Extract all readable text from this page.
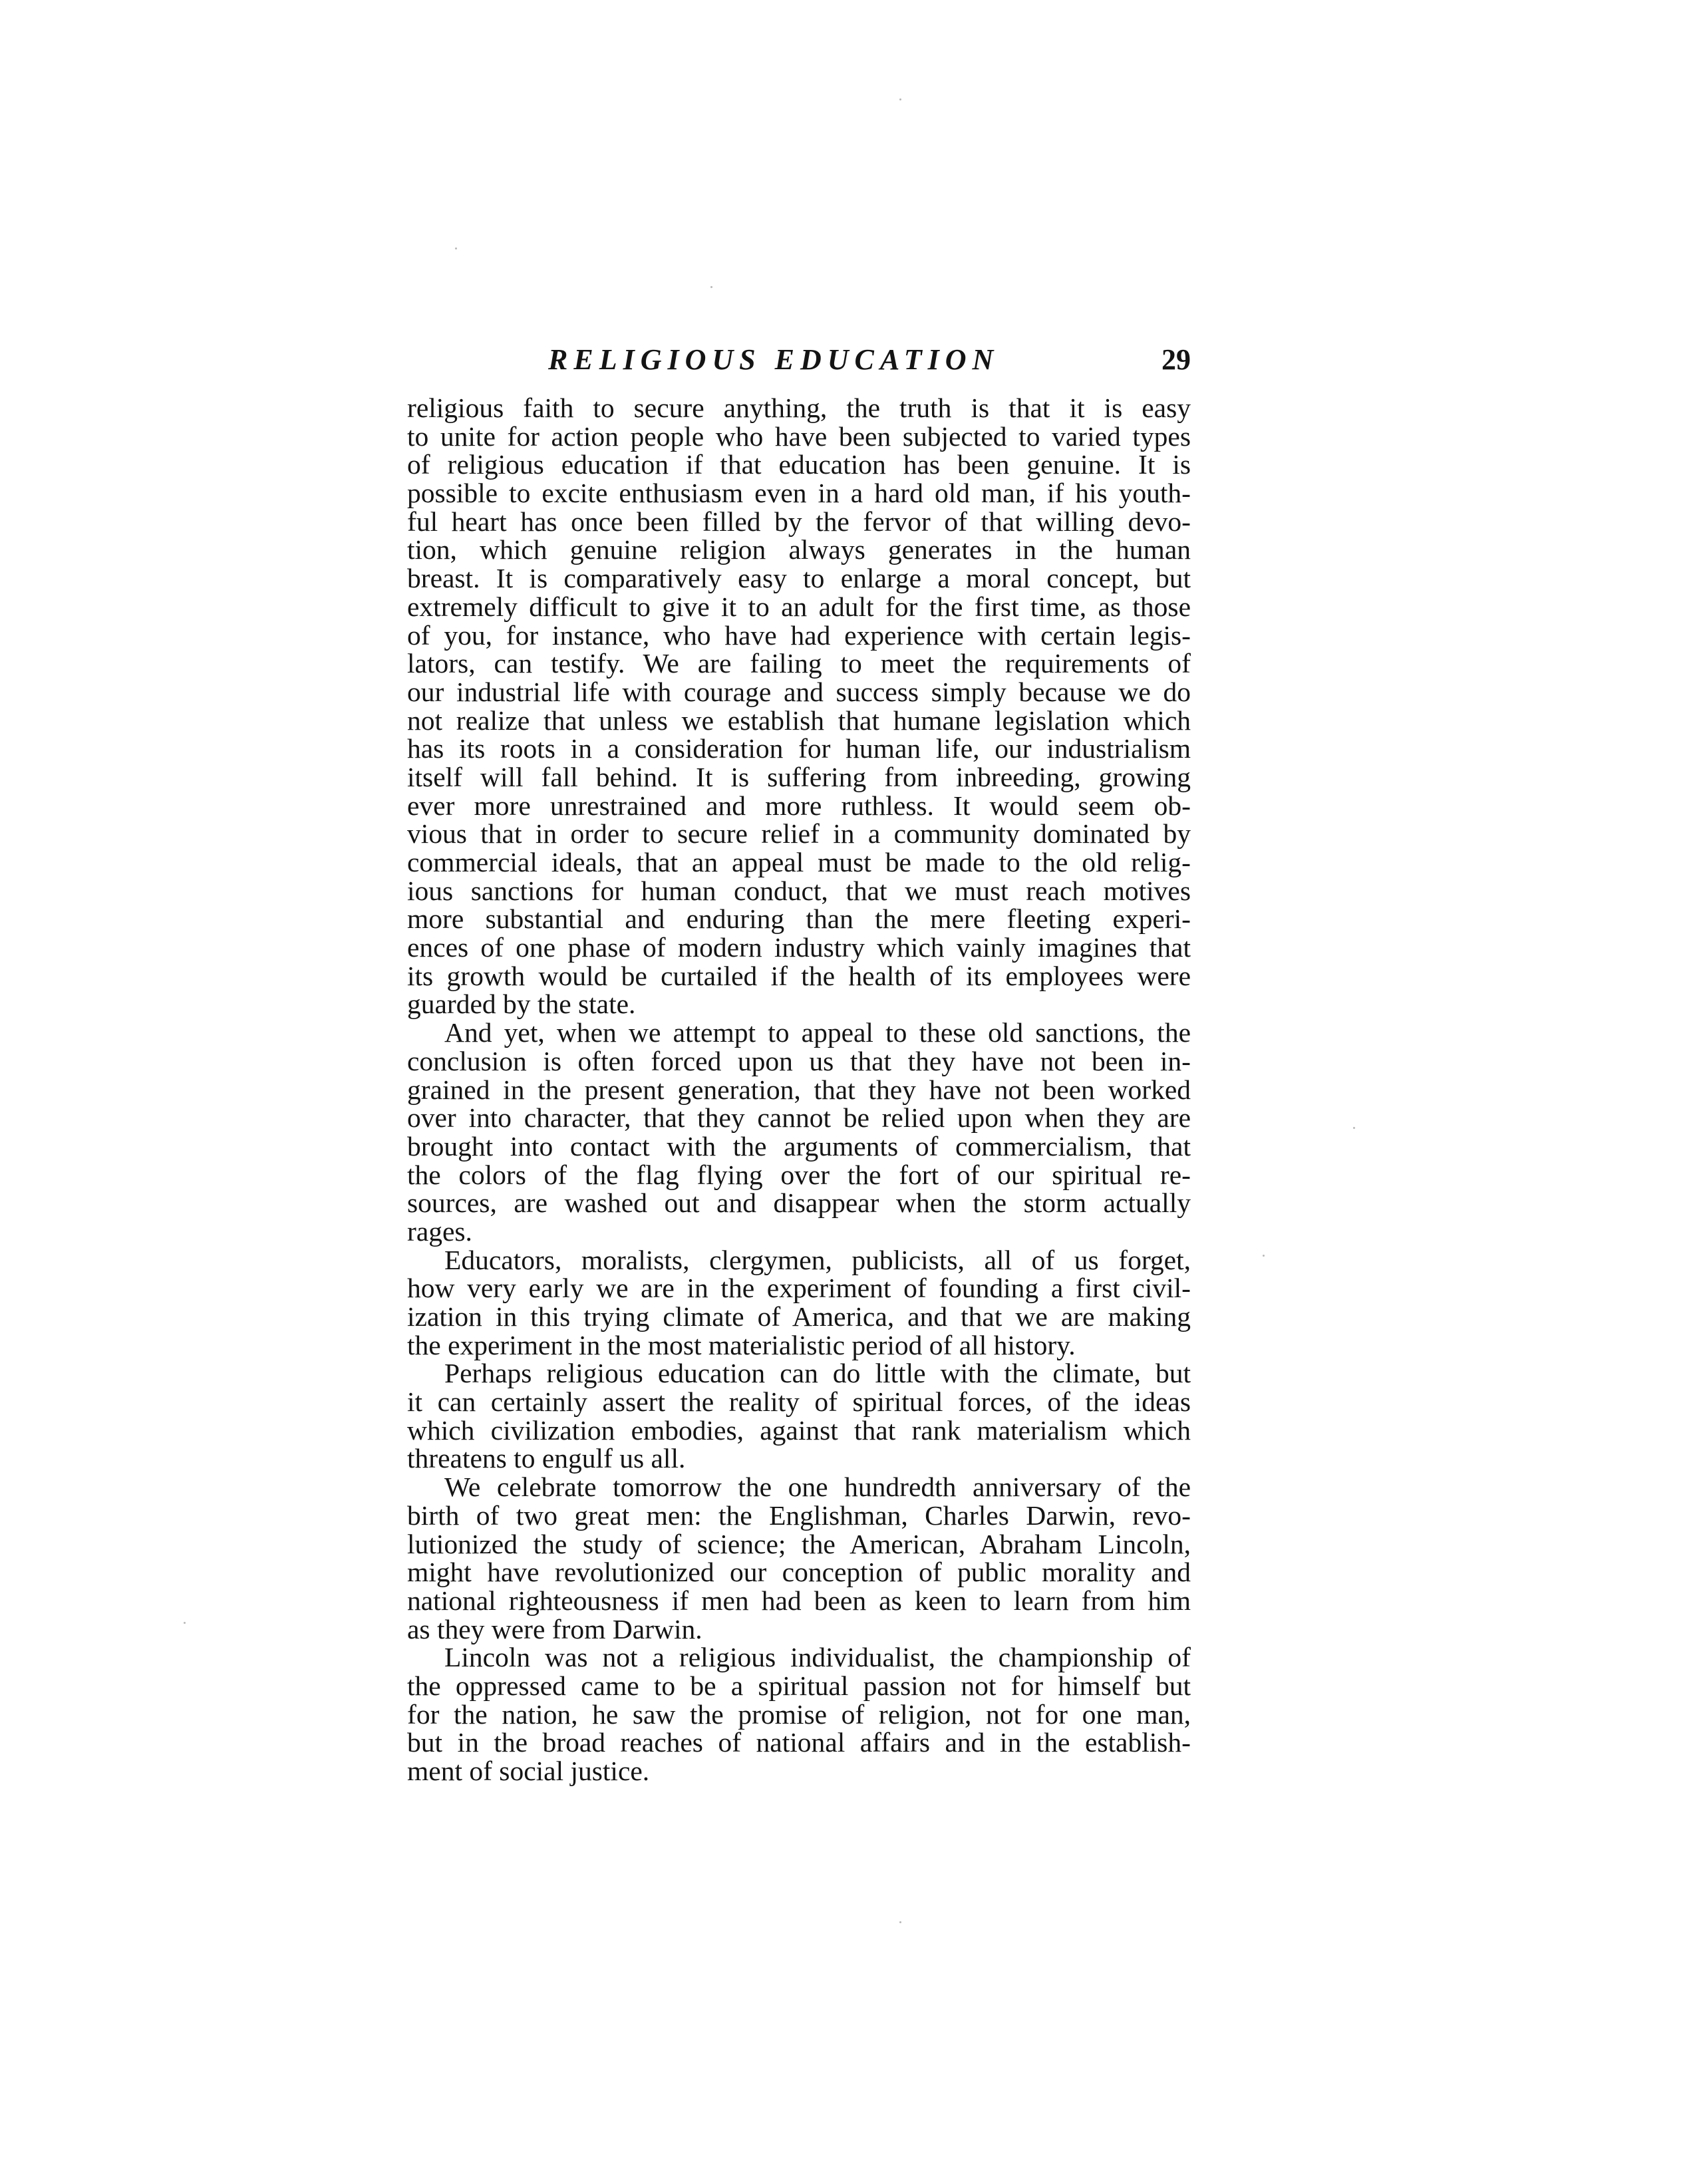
RELIGIOUS EDUCATION	29
religious faith to secure anything, the truth is that it is easy
to unite for action people who have been subjected to varied types
of religious education if that education has been genuine. It is
possible to excite enthusiasm even in a hard old man, if his youth-
ful heart has once been filled by the fervor of that willing devo-
tion, which genuine religion always generates in the human
breast. It is comparatively easy to enlarge a moral concept, but
extremely difficult to give it to an adult for the first time, as those
of you, for instance, who have had experience with certain legis-
lators, can testify. We are failing to meet the requirements of
our industrial life with courage and success simply because we do
not realize that unless we establish that humane legislation which
has its roots in a consideration for human life, our industrialism
itself will fall behind. It is suffering from inbreeding, growing
ever more unrestrained and more ruthless. It would seem ob-
vious that in order to secure relief in a community dominated by
commercial ideals, that an appeal must be made to the old relig-
ious sanctions for human conduct, that we must reach motives
more substantial and enduring than the mere fleeting experi-
ences of one phase of modern industry which vainly imagines that
its growth would be curtailed if the health of its employees were
guarded by the state.
And yet, when we attempt to appeal to these old sanctions, the
conclusion is often forced upon us that they have not been in-
grained in the present generation, that they have not been worked
over into character, that they cannot be relied upon when they are
brought into contact with the arguments of commercialism, that
the colors of the flag flying over the fort of our spiritual re-
sources, are washed out and disappear when the storm actually
rages.
Educators, moralists, clergymen, publicists, all of us forget,
how very early we are in the experiment of founding a first civil-
ization in this trying climate of America, and that we are making
the experiment in the most materialistic period of all history.
Perhaps religious education can do little with the climate, but
it can certainly assert the reality of spiritual forces, of the ideas
which civilization embodies, against that rank materialism which
threatens to engulf us all.
We celebrate tomorrow the one hundredth anniversary of the
birth of two great men: the Englishman, Charles Darwin, revo-
lutionized the study of science; the American, Abraham Lincoln,
might have revolutionized our conception of public morality and
national righteousness if men had been as keen to learn from him
as they were from Darwin.
Lincoln was not a religious individualist, the championship of
the oppressed came to be a spiritual passion not for himself but
for the nation, he saw the promise of religion, not for one man,
but in the broad reaches of national affairs and in the establish-
ment of social justice.
